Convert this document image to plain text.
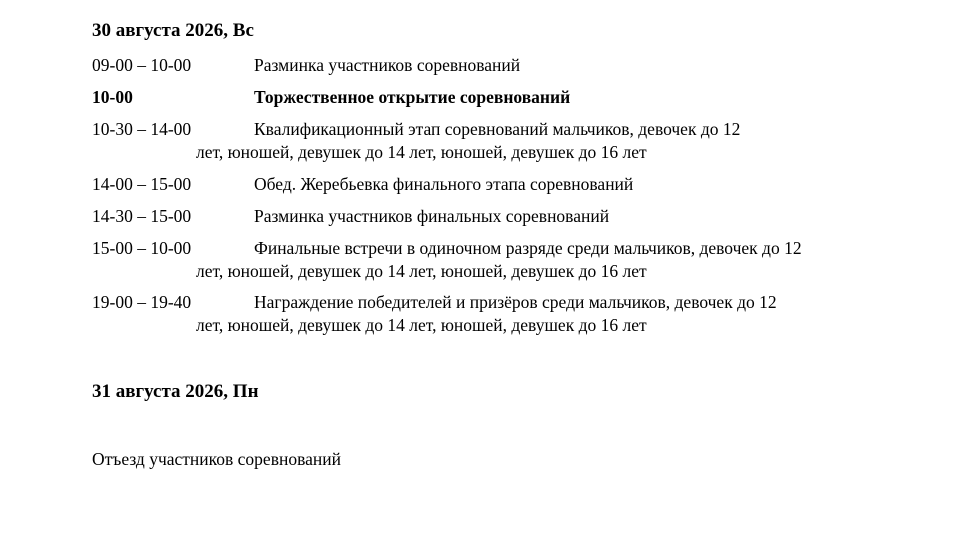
30 августа 2026, Вс
09-00 – 10-00	Разминка участников соревнований
10-00	Торжественное открытие соревнований
10-30 – 14-00	Квалификационный этап соревнований мальчиков, девочек до 12
лет, юношей, девушек до 14 лет, юношей, девушек до 16 лет
14-00 – 15-00	Обед. Жеребьевка финального этапа соревнований
14-30 – 15-00	Разминка участников финальных соревнований
15-00 – 10-00	Финальные встречи в одиночном разряде среди мальчиков, девочек до 12
лет, юношей, девушек до 14 лет, юношей, девушек до 16 лет
19-00 – 19-40	Награждение победителей и призёров среди мальчиков, девочек до 12
лет, юношей, девушек до 14 лет, юношей, девушек до 16 лет
31 августа 2026, Пн
Отъезд участников соревнований
